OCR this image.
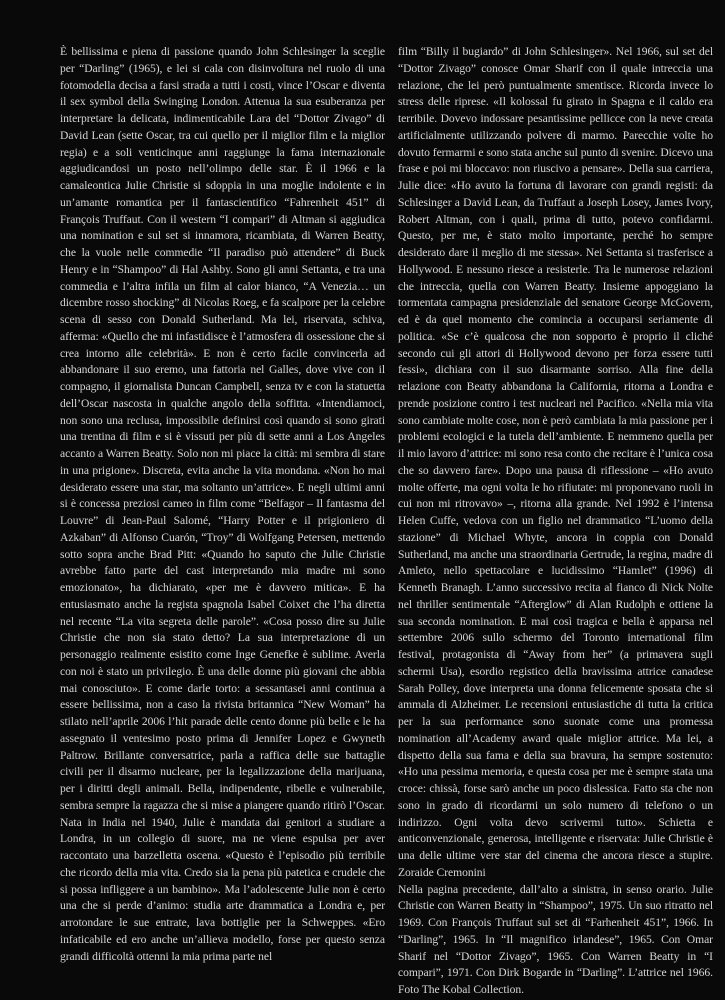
È bellissima e piena di passione quando John Schlesinger la sceglie per “Darling” (1965), e lei si cala con disinvoltura nel ruolo di una fotomodella decisa a farsi strada a tutti i costi, vince l’Oscar e diventa il sex symbol della Swinging London. Attenua la sua esuberanza per interpretare la delicata, indimenticabile Lara del “Dottor Zivago” di David Lean (sette Oscar, tra cui quello per il miglior film e la miglior regia) e a soli venticinque anni raggiunge la fama internazionale aggiudicandosi un posto nell’olimpo delle star. È il 1966 e la camaleontica Julie Christie si sdoppia in una moglie indolente e in un’amante romantica per il fantascientifico “Fahrenheit 451” di François Truffaut. Con il western “I compari” di Altman si aggiudica una nomination e sul set si innamora, ricambiata, di Warren Beatty, che la vuole nelle commedie “Il paradiso può attendere” di Buck Henry e in “Shampoo” di Hal Ashby. Sono gli anni Settanta, e tra una commedia e l’altra infila un film al calor bianco, “A Venezia… un dicembre rosso shocking” di Nicolas Roeg, e fa scalpore per la celebre scena di sesso con Donald Sutherland. Ma lei, riservata, schiva, afferma: «Quello che mi infastidisce è l’atmosfera di ossessione che si crea intorno alle celebrità». E non è certo facile convincerla ad abbandonare il suo eremo, una fattoria nel Galles, dove vive con il compagno, il giornalista Duncan Campbell, senza tv e con la statuetta dell’Oscar nascosta in qualche angolo della soffitta. «Intendiamoci, non sono una reclusa, impossibile definirsi così quando si sono girati una trentina di film e si è vissuti per più di sette anni a Los Angeles accanto a Warren Beatty. Solo non mi piace la città: mi sembra di stare in una prigione». Discreta, evita anche la vita mondana. «Non ho mai desiderato essere una star, ma soltanto un’attrice». E negli ultimi anni si è concessa preziosi cameo in film come “Belfagor – Il fantasma del Louvre” di Jean-Paul Salomé, “Harry Potter e il prigioniero di Azkaban” di Alfonso Cuarón, “Troy” di Wolfgang Petersen, mettendo sotto sopra anche Brad Pitt: «Quando ho saputo che Julie Christie avrebbe fatto parte del cast interpretando mia madre mi sono emozionato», ha dichiarato, «per me è davvero mitica». E ha entusiasmato anche la regista spagnola Isabel Coixet che l’ha diretta nel recente “La vita segreta delle parole”. «Cosa posso dire su Julie Christie che non sia stato detto? La sua interpretazione di un personaggio realmente esistito come Inge Genefke è sublime. Averla con noi è stato un privilegio. È una delle donne più giovani che abbia mai conosciuto». E come darle torto: a sessantasei anni continua a essere bellissima, non a caso la rivista britannica “New Woman” ha stilato nell’aprile 2006 l’hit parade delle cento donne più belle e le ha assegnato il ventesimo posto prima di Jennifer Lopez e Gwyneth Paltrow. Brillante conversatrice, parla a raffica delle sue battaglie civili per il disarmo nucleare, per la legalizzazione della marijuana, per i diritti degli animali. Bella, indipendente, ribelle e vulnerabile, sembra sempre la ragazza che si mise a piangere quando ritirò l’Oscar. Nata in India nel 1940, Julie è mandata dai genitori a studiare a Londra, in un collegio di suore, ma ne viene espulsa per aver raccontato una barzelletta oscena. «Questo è l’episodio più terribile che ricordo della mia vita. Credo sia la pena più patetica e crudele che si possa infliggere a un bambino». Ma l’adolescente Julie non è certo una che si perde d’animo: studia arte drammatica a Londra e, per arrotondare le sue entrate, lava bottiglie per la Schweppes. «Ero infaticabile ed ero anche un’allieva modello, forse per questo senza grandi difficoltà ottenni la mia prima parte nel

film “Billy il bugiardo” di John Schlesinger». Nel 1966, sul set del “Dottor Zivago” conosce Omar Sharif con il quale intreccia una relazione, che lei però puntualmente smentisce. Ricorda invece lo stress delle riprese. «Il kolossal fu girato in Spagna e il caldo era terribile. Dovevo indossare pesantissime pellicce con la neve creata artificialmente utilizzando polvere di marmo. Parecchie volte ho dovuto fermarmi e sono stata anche sul punto di svenire. Dicevo una frase e poi mi bloccavo: non riuscivo a pensare». Della sua carriera, Julie dice: «Ho avuto la fortuna di lavorare con grandi registi: da Schlesinger a David Lean, da Truffaut a Joseph Losey, James Ivory, Robert Altman, con i quali, prima di tutto, potevo confidarmi. Questo, per me, è stato molto importante, perché ho sempre desiderato dare il meglio di me stessa». Nei Settanta si trasferisce a Hollywood. E nessuno riesce a resisterle. Tra le numerose relazioni che intreccia, quella con Warren Beatty. Insieme appoggiano la tormentata campagna presidenziale del senatore George McGovern, ed è da quel momento che comincia a occuparsi seriamente di politica. «Se c’è qualcosa che non sopporto è proprio il cliché secondo cui gli attori di Hollywood devono per forza essere tutti fessi», dichiara con il suo disarmante sorriso. Alla fine della relazione con Beatty abbandona la California, ritorna a Londra e prende posizione contro i test nucleari nel Pacifico. «Nella mia vita sono cambiate molte cose, non è però cambiata la mia passione per i problemi ecologici e la tutela dell’ambiente. E nemmeno quella per il mio lavoro d’attrice: mi sono resa conto che recitare è l’unica cosa che so davvero fare». Dopo una pausa di riflessione – «Ho avuto molte offerte, ma ogni volta le ho rifiutate: mi proponevano ruoli in cui non mi ritrovavo» –, ritorna alla grande. Nel 1992 è l’intensa Helen Cuffe, vedova con un figlio nel drammatico “L’uomo della stazione” di Michael Whyte, ancora in coppia con Donald Sutherland, ma anche una straordinaria Gertrude, la regina, madre di Amleto, nello spettacolare e lucidissimo “Hamlet” (1996) di Kenneth Branagh. L’anno successivo recita al fianco di Nick Nolte nel thriller sentimentale “Afterglow” di Alan Rudolph e ottiene la sua seconda nomination. E mai così tragica e bella è apparsa nel settembre 2006 sullo schermo del Toronto international film festival, protagonista di “Away from her” (a primavera sugli schermi Usa), esordio registico della bravissima attrice canadese Sarah Polley, dove interpreta una donna felicemente sposata che si ammala di Alzheimer. Le recensioni entusiastiche di tutta la critica per la sua performance sono suonate come una promessa nomination all’Academy award quale miglior attrice. Ma lei, a dispetto della sua fama e della sua bravura, ha sempre sostenuto: «Ho una pessima memoria, e questa cosa per me è sempre stata una croce: chissà, forse sarò anche un poco dislessica. Fatto sta che non sono in grado di ricordarmi un solo numero di telefono o un indirizzo. Ogni volta devo scrivermi tutto». Schietta e anticonvenzionale, generosa, intelligente e riservata: Julie Christie è una delle ultime vere star del cinema che ancora riesce a stupire. Zoraide Cremonini

Nella pagina precedente, dall’alto a sinistra, in senso orario. Julie Christie con Warren Beatty in “Shampoo”, 1975. Un suo ritratto nel 1969. Con François Truffaut sul set di “Farhenheit 451”, 1966. In “Darling”, 1965. In “Il magnifico irlandese”, 1965. Con Omar Sharif nel “Dottor Zivago”, 1965. Con Warren Beatty in “I compari”, 1971. Con Dirk Bogarde in “Darling”. L’attrice nel 1966. Foto The Kobal Collection.
